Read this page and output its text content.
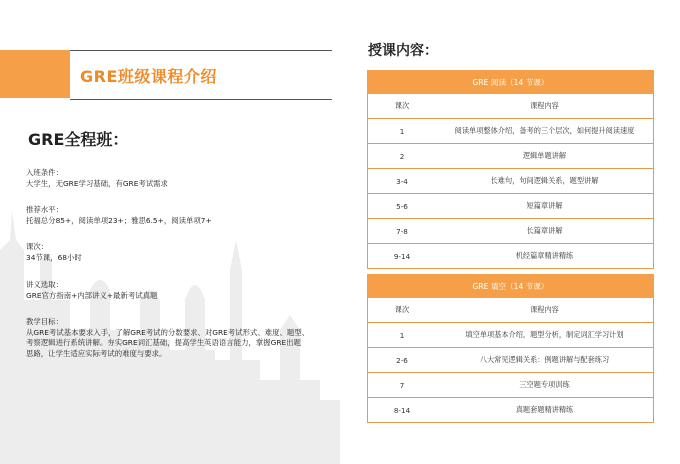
GRE班级课程介绍
GRE全程班：

入班条件：

大学生，无GRE学习基础，有GRE考试需求

推荐水平：

托福总分85+，阅读单项23+；雅思6.5+，阅读单项7+

课次：

34节课，68小时

讲义选取：

GRE官方指南+内部讲义+最新考试真题

教学目标：

从GRE考试基本要求入手，了解GRE考试的分数要求、对GRE考试形式、难度、题型、

考察逻辑进行系统讲解。夯实GRE词汇基础，提高学生英语语言能力，掌握GRE出题

思路，让学生适应实际考试的难度与要求。

授课内容：
GRE 阅读（14 节课）	
课次	课程内容
1	阅读单项整体介绍，备考的三个层次，如何提升阅读速度
2	逻辑单题讲解
3-4	长难句，句间逻辑关系，题型讲解
5-6	短篇章讲解
7-8	长篇章讲解
9-14	机经篇章精讲精练
GRE 填空（14 节课）	
课次	课程内容
1	填空单项基本介绍，题型分析，制定词汇学习计划
2-6	八大常见逻辑关系：例题讲解与配套练习
7	三空题专项训练
8-14	真题套题精讲精练
